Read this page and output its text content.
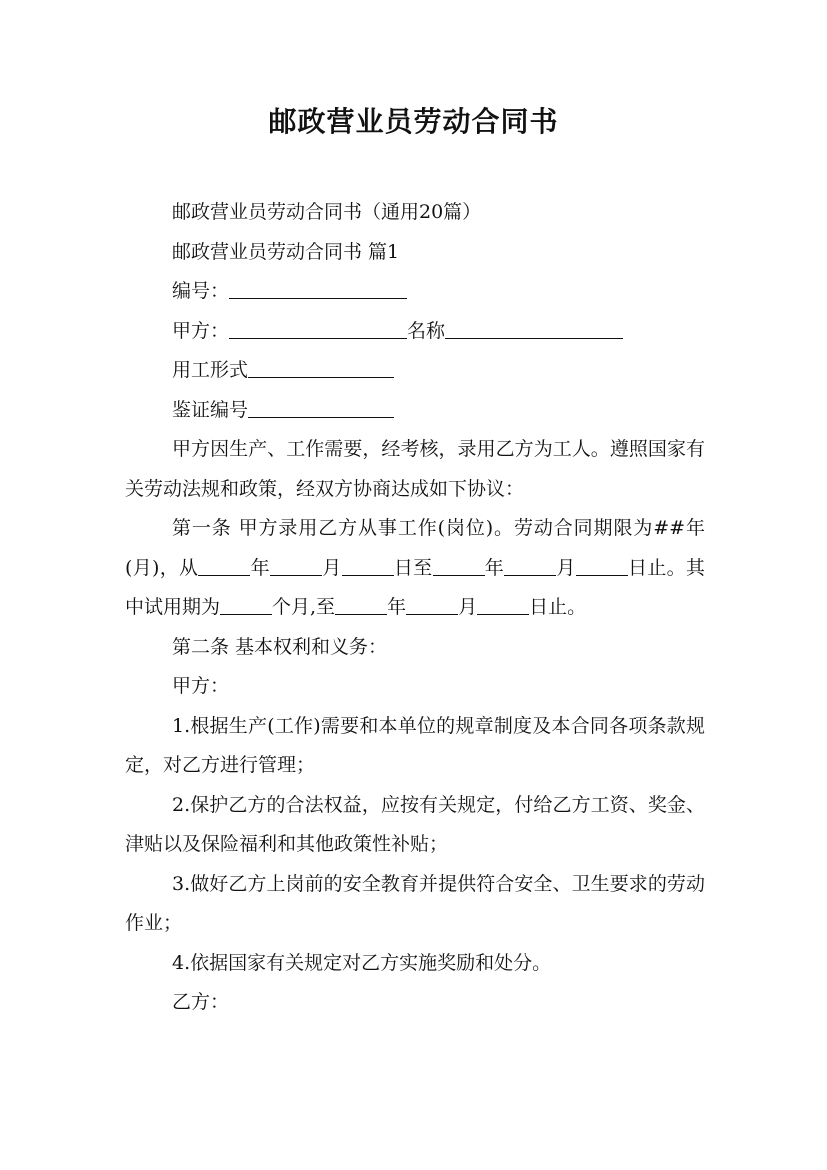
邮政营业员劳动合同书

邮政营业员劳动合同书（通用20篇）

邮政营业员劳动合同书 篇1

编号：

甲方：	名称

用工形式

鉴证编号

甲方因生产、工作需要，经考核，录用乙方为工人。遵照国家有关劳动法规和政策，经双方协商达成如下协议：

第一条 甲方录用乙方从事工作(岗位)。劳动合同期限为##年(月)，从	年	月	日至	年	月	日止。其中试用期为	个月,至	年	月	日止。

第二条 基本权利和义务：

甲方：

1.根据生产(工作)需要和本单位的规章制度及本合同各项条款规定，对乙方进行管理；

2.保护乙方的合法权益，应按有关规定，付给乙方工资、奖金、津贴以及保险福利和其他政策性补贴；

3.做好乙方上岗前的安全教育并提供符合安全、卫生要求的劳动作业；

4.依据国家有关规定对乙方实施奖励和处分。

乙方：
